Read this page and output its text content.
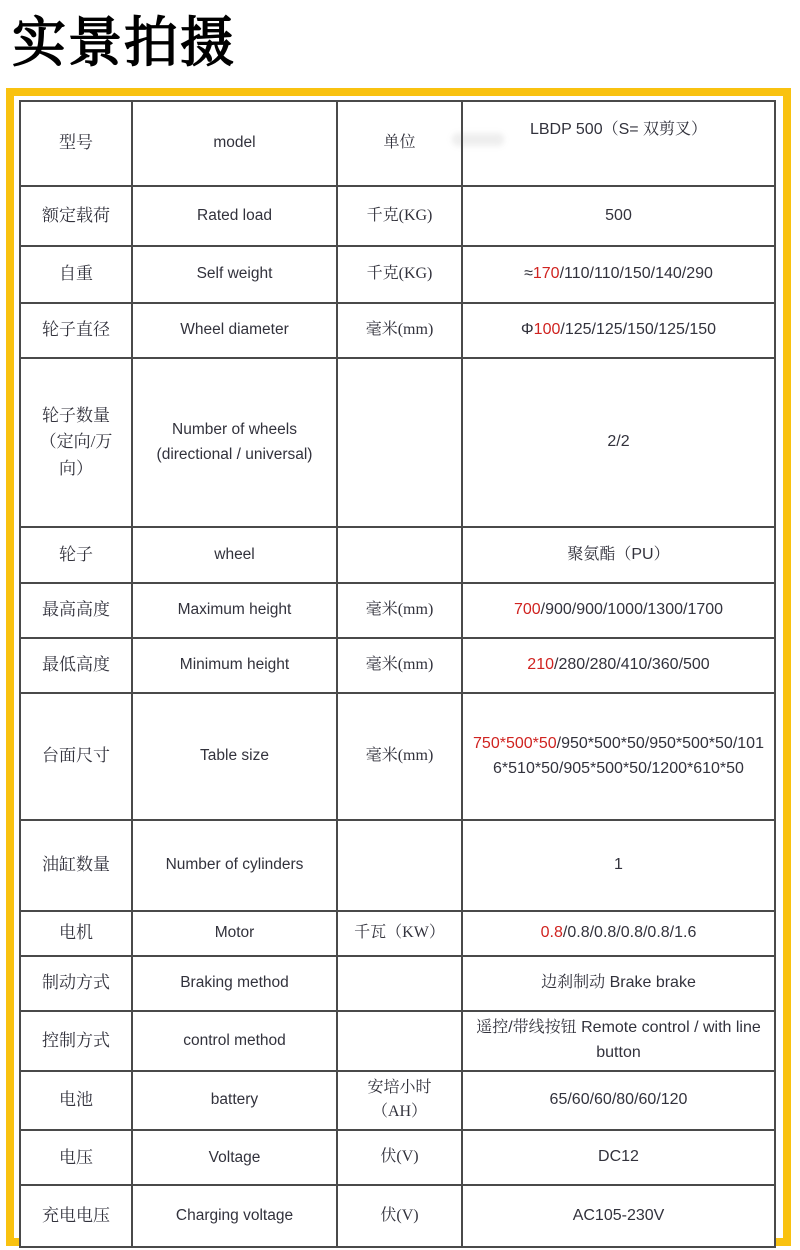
实景拍摄
型号	model	单位	LBDP 500（S= 双剪叉）
额定载荷	Rated load	千克(KG)	500
自重	Self weight	千克(KG)	≈170/110/110/150/140/290
轮子直径	Wheel diameter	毫米(mm)	Φ100/125/125/150/125/150
轮子数量（定向/万向）	Number of wheels (directional / universal)		2/2
轮子	wheel		聚氨酯（PU）
最高高度	Maximum height	毫米(mm)	700/900/900/1000/1300/1700
最低高度	Minimum height	毫米(mm)	210/280/280/410/360/500
台面尺寸	Table size	毫米(mm)	750*500*50/950*500*50/950*500*50/1016*510*50/905*500*50/1200*610*50
油缸数量	Number of cylinders		1
电机	Motor	千瓦（KW）	0.8/0.8/0.8/0.8/0.8/1.6
制动方式	Braking method		边刹制动 Brake brake
控制方式	control method		遥控/带线按钮 Remote control / with line button
电池	battery	安培小时（AH）	65/60/60/80/60/120
电压	Voltage	伏(V)	DC12
充电电压	Charging voltage	伏(V)	AC105-230V
